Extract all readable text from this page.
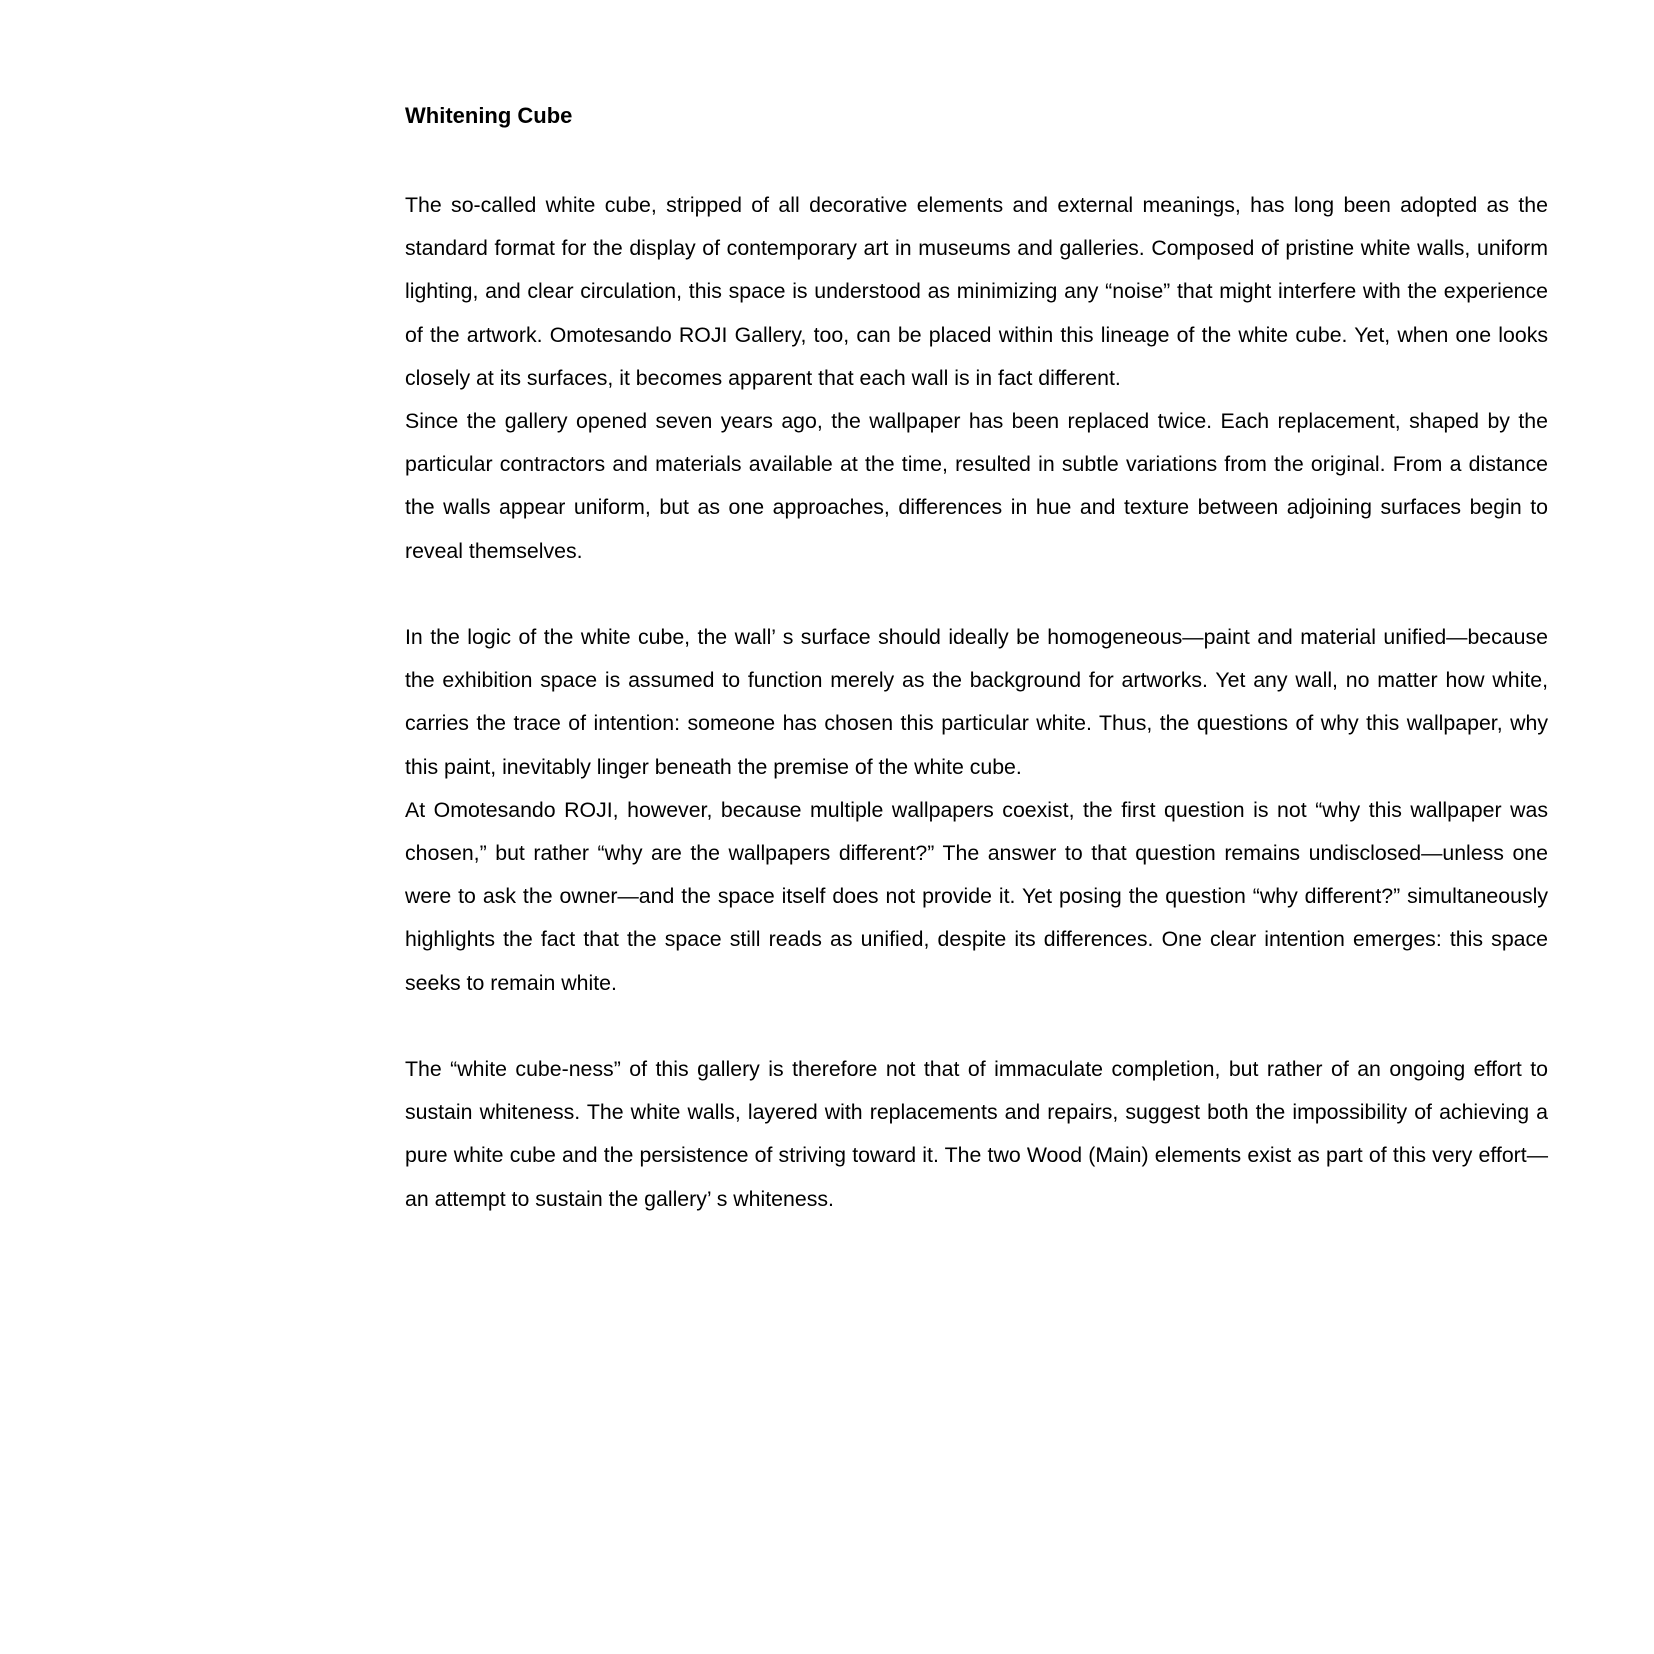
Whitening Cube

The so-called white cube, stripped of all decorative elements and external meanings, has long been adopted as the standard format for the display of contemporary art in museums and galleries. Composed of pristine white walls, uniform lighting, and clear circulation, this space is understood as minimizing any “noise” that might interfere with the experience of the artwork. Omotesando ROJI Gallery, too, can be placed within this lineage of the white cube. Yet, when one looks closely at its surfaces, it becomes apparent that each wall is in fact different.

Since the gallery opened seven years ago, the wallpaper has been replaced twice. Each replacement, shaped by the particular contractors and materials available at the time, resulted in subtle variations from the original. From a distance the walls appear uniform, but as one approaches, differences in hue and texture between adjoining surfaces begin to reveal themselves.

In the logic of the white cube, the wall’ s surface should ideally be homogeneous—paint and material unified—because the exhibition space is assumed to function merely as the background for artworks. Yet any wall, no matter how white, carries the trace of intention: someone has chosen this particular white. Thus, the questions of why this wallpaper, why this paint, inevitably linger beneath the premise of the white cube.

At Omotesando ROJI, however, because multiple wallpapers coexist, the first question is not “why this wallpaper was chosen,” but rather “why are the wallpapers different?” The answer to that question remains undisclosed—unless one were to ask the owner—and the space itself does not provide it. Yet posing the question “why different?” simultaneously highlights the fact that the space still reads as unified, despite its differences. One clear intention emerges: this space seeks to remain white.

The “white cube-ness” of this gallery is therefore not that of immaculate completion, but rather of an ongoing effort to sustain whiteness. The white walls, layered with replacements and repairs, suggest both the impossibility of achieving a pure white cube and the persistence of striving toward it. The two Wood (Main) elements exist as part of this very effort—an attempt to sustain the gallery’ s whiteness.
